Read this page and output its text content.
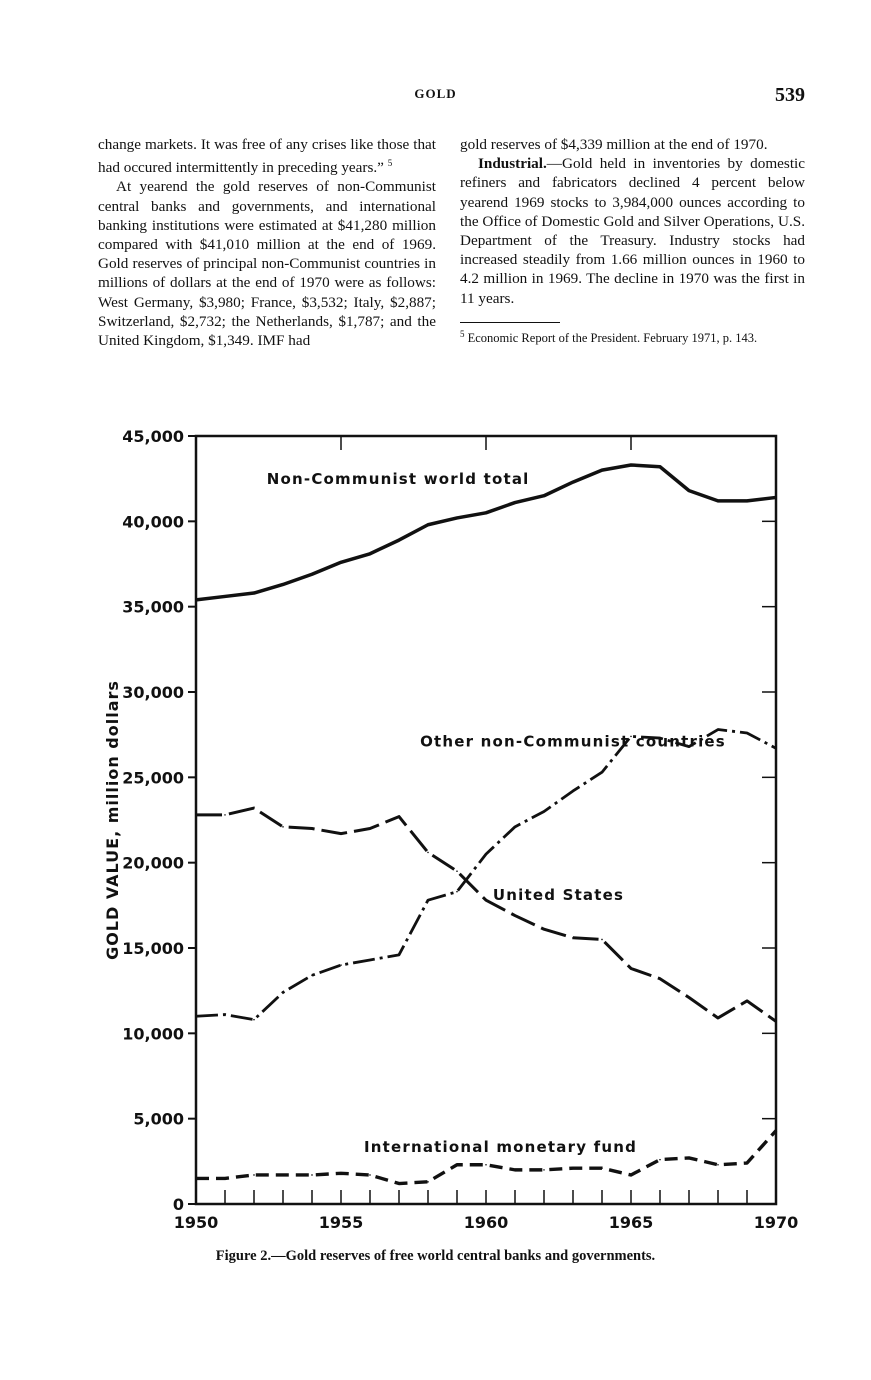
GOLD	539

change markets. It was free of any crises like those that had occured intermittently in preceding years.” $^5$

At yearend the gold reserves of non-Communist central banks and governments, and international banking institutions were estimated at $41,280 million compared with $41,010 million at the end of 1969. Gold reserves of principal non-Communist countries in millions of dollars at the end of 1970 were as follows: West Germany, $3,980; France, $3,532; Italy, $2,887; Switzerland, $2,732; the Netherlands, $1,787; and the United Kingdom, $1,349. IMF had

gold reserves of $4,339 million at the end of 1970.

Industrial.—Gold held in inventories by domestic refiners and fabricators declined 4 percent below yearend 1969 stocks to 3,984,000 ounces according to the Office of Domestic Gold and Silver Operations, U.S. Department of the Treasury. Industry stocks had increased steadily from 1.66 million ounces in 1960 to 4.2 million in 1969. The decline in 1970 was the first in 11 years.

$^5$ Economic Report of the President. February 1971, p. 143.

0
5,000
10,000
15,000
20,000
25,000
30,000
35,000
40,000
45,000
1950	1955	1960	1965	1970
GOLD VALUE, million dollars
Non-Communist world total
Other non-Communist countries
United States
International monetary fund
Figure 2.—Gold reserves of free world central banks and governments.
